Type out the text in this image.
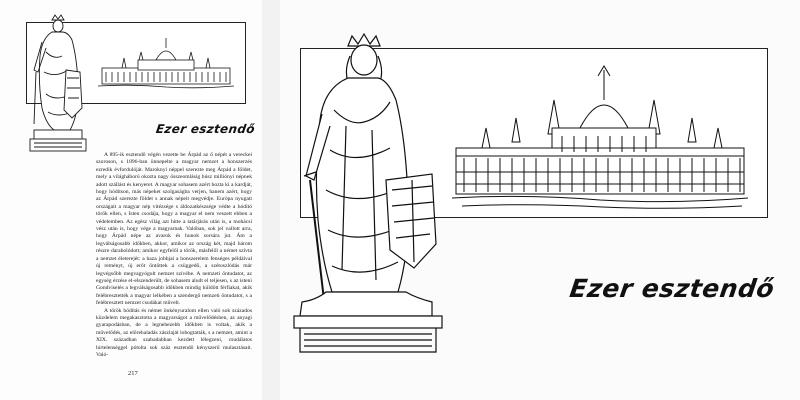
Ezer esztendő

A 895-ik esztendő végén vezette be Árpád az ő népét a vereckei szoroson, s 1896-ban ünnepelte a magyar nemzet a honszerzés ezredik évfordulóját. Maroknyi néppel szerezte meg Árpád a földet, mely a világháború okozta nagy összeomlásig húsz milliónyi népnek adott szállást és kenyeret. A magyar sohasem azért hozta ki a kardját, hogy hódítson, más népeket szolgaságba verjen, hanem azért, hogy az Árpád szerezte földet s annak népeit megvédje. Európa nyugati országait a magyar nép vitézsége s áldozatkészsége védte a hódító török ellen, s Isten csodája, hogy a magyar el nem veszett ebben a védelemben. Az egész világ azt hitte a tatárjárás után is, a mohácsi vész után is, hogy vége a magyarnak. Valóban, sok jel vallott arra, hogy Árpád népe az avarok és hunok sorsára jut. Ám a legválságosabb időkben, akkor, amikor az ország két, majd három részre darabolódott; amikor egyfelől a török, másfelől a német szívta a nemzet életerejét: a haza jobbjai a honszerelem fenséges példáival új reményt, új erőt öntöttek a csüggedő, a szétoszlódás már legvégsőbb megvagyógult nemzet szívébe. A nemzeti öntudatot, az egység érzése el-elszenderült, de sohasem aludt el teljesen, s az isteni Gondviselés a legválságosabb időkben mindig küldött férfiakat, akik felébresztették a magyar lelkében a szendergő nemzeti öntudatot, s a felébresztett nemzet csudákat művelt.

A török hódítás és német önkényuralom ellen való sok százados küzdelem megakasztotta a magyarságot a művelődésben, az anyagi gyarapodásban, de a legnehezebb időkben is voltak, akik a művelődés, az előrehaladás zászlaját lobogtatták, s a nemzet, amint a XIX. században szabadabban kezdett lélegzeni, csudálatos hirtelenséggel pótolta sok száz esztendő kényszerű mulasztásait. Való-

217
Ezer esztendő
